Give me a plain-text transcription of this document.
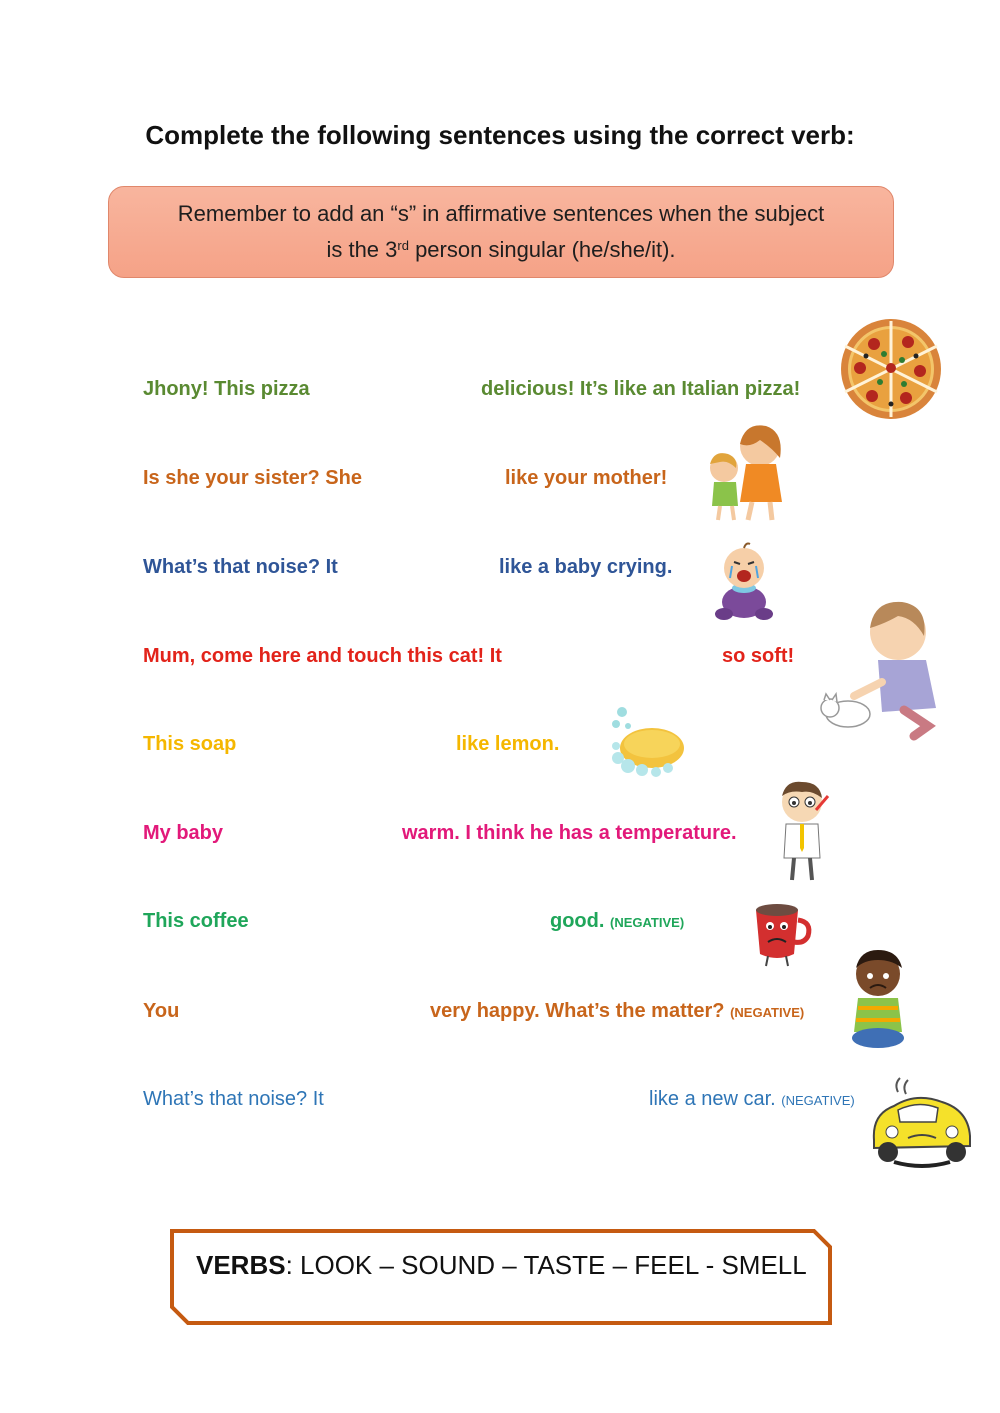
Complete the following sentences using the correct verb:
Remember to add an “s” in affirmative sentences when the subject
is the 3rd person singular (he/she/it).

Jhony! This pizza	delicious! It’s like an Italian pizza!

Is she your sister? She	like your mother!

What’s that noise? It	like a baby crying.

Mum, come here and touch this cat! It	so soft!

This soap	like lemon.

My baby	warm. I think he has a temperature.

This coffee	good. (NEGATIVE)

You	very happy. What’s the matter? (NEGATIVE)

What’s that noise? It	like a new car. (NEGATIVE)

VERBS: LOOK – SOUND – TASTE – FEEL - SMELL
